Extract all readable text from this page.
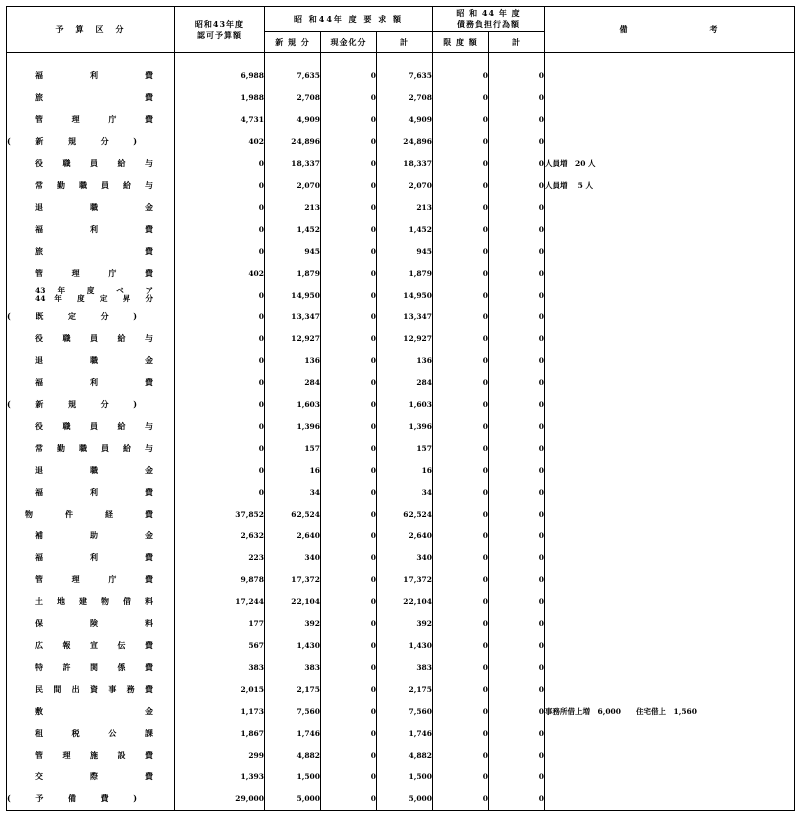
予　算　区　分	昭和43年度
認可予算額	昭 和44年 度 要 求 額			昭 和 44 年 度
債務負担行為額		備　　　　　　　　考
		新 規 分	現金化分	計	限 度 額	計	

福利費	6,988	7,635	0	7,635	0	0	
旅費	1,988	2,708	0	2,708	0	0	
管理庁費	4,731	4,909	0	4,909	0	0	
(新規分)	402	24,896	0	24,896	0	0	
役職員給与	0	18,337	0	18,337	0	0	人員増　20 人
常勤職員給与	0	2,070	0	2,070	0	0	人員増　 5 人
退職金	0	213	0	213	0	0	
福利費	0	1,452	0	1,452	0	0	
旅費	0	945	0	945	0	0	
管理庁費	402	1,879	0	1,879	0	0	
43 年 度 ベ ア
44 年 度 定 昇 分	0	14,950	0	14,950	0	0	
(既定分)	0	13,347	0	13,347	0	0	
役職員給与	0	12,927	0	12,927	0	0	
退職金	0	136	0	136	0	0	
福利費	0	284	0	284	0	0	
(新規分)	0	1,603	0	1,603	0	0	
役職員給与	0	1,396	0	1,396	0	0	
常勤職員給与	0	157	0	157	0	0	
退職金	0	16	0	16	0	0	
福利費	0	34	0	34	0	0	
物件経費	37,852	62,524	0	62,524	0	0	
補助金	2,632	2,640	0	2,640	0	0	
福利費	223	340	0	340	0	0	
管理庁費	9,878	17,372	0	17,372	0	0	
土地建物借料	17,244	22,104	0	22,104	0	0	
保険料	177	392	0	392	0	0	
広報宣伝費	567	1,430	0	1,430	0	0	
特許関係費	383	383	0	383	0	0	
民間出資事務費	2,015	2,175	0	2,175	0	0	
敷金	1,173	7,560	0	7,560	0	0	事務所借上増　6,000　　住宅借上　1,560
租税公課	1,867	1,746	0	1,746	0	0	
管理施設費	299	4,882	0	4,882	0	0	
交際費	1,393	1,500	0	1,500	0	0	
(予備費)	29,000	5,000	0	5,000	0	0	
